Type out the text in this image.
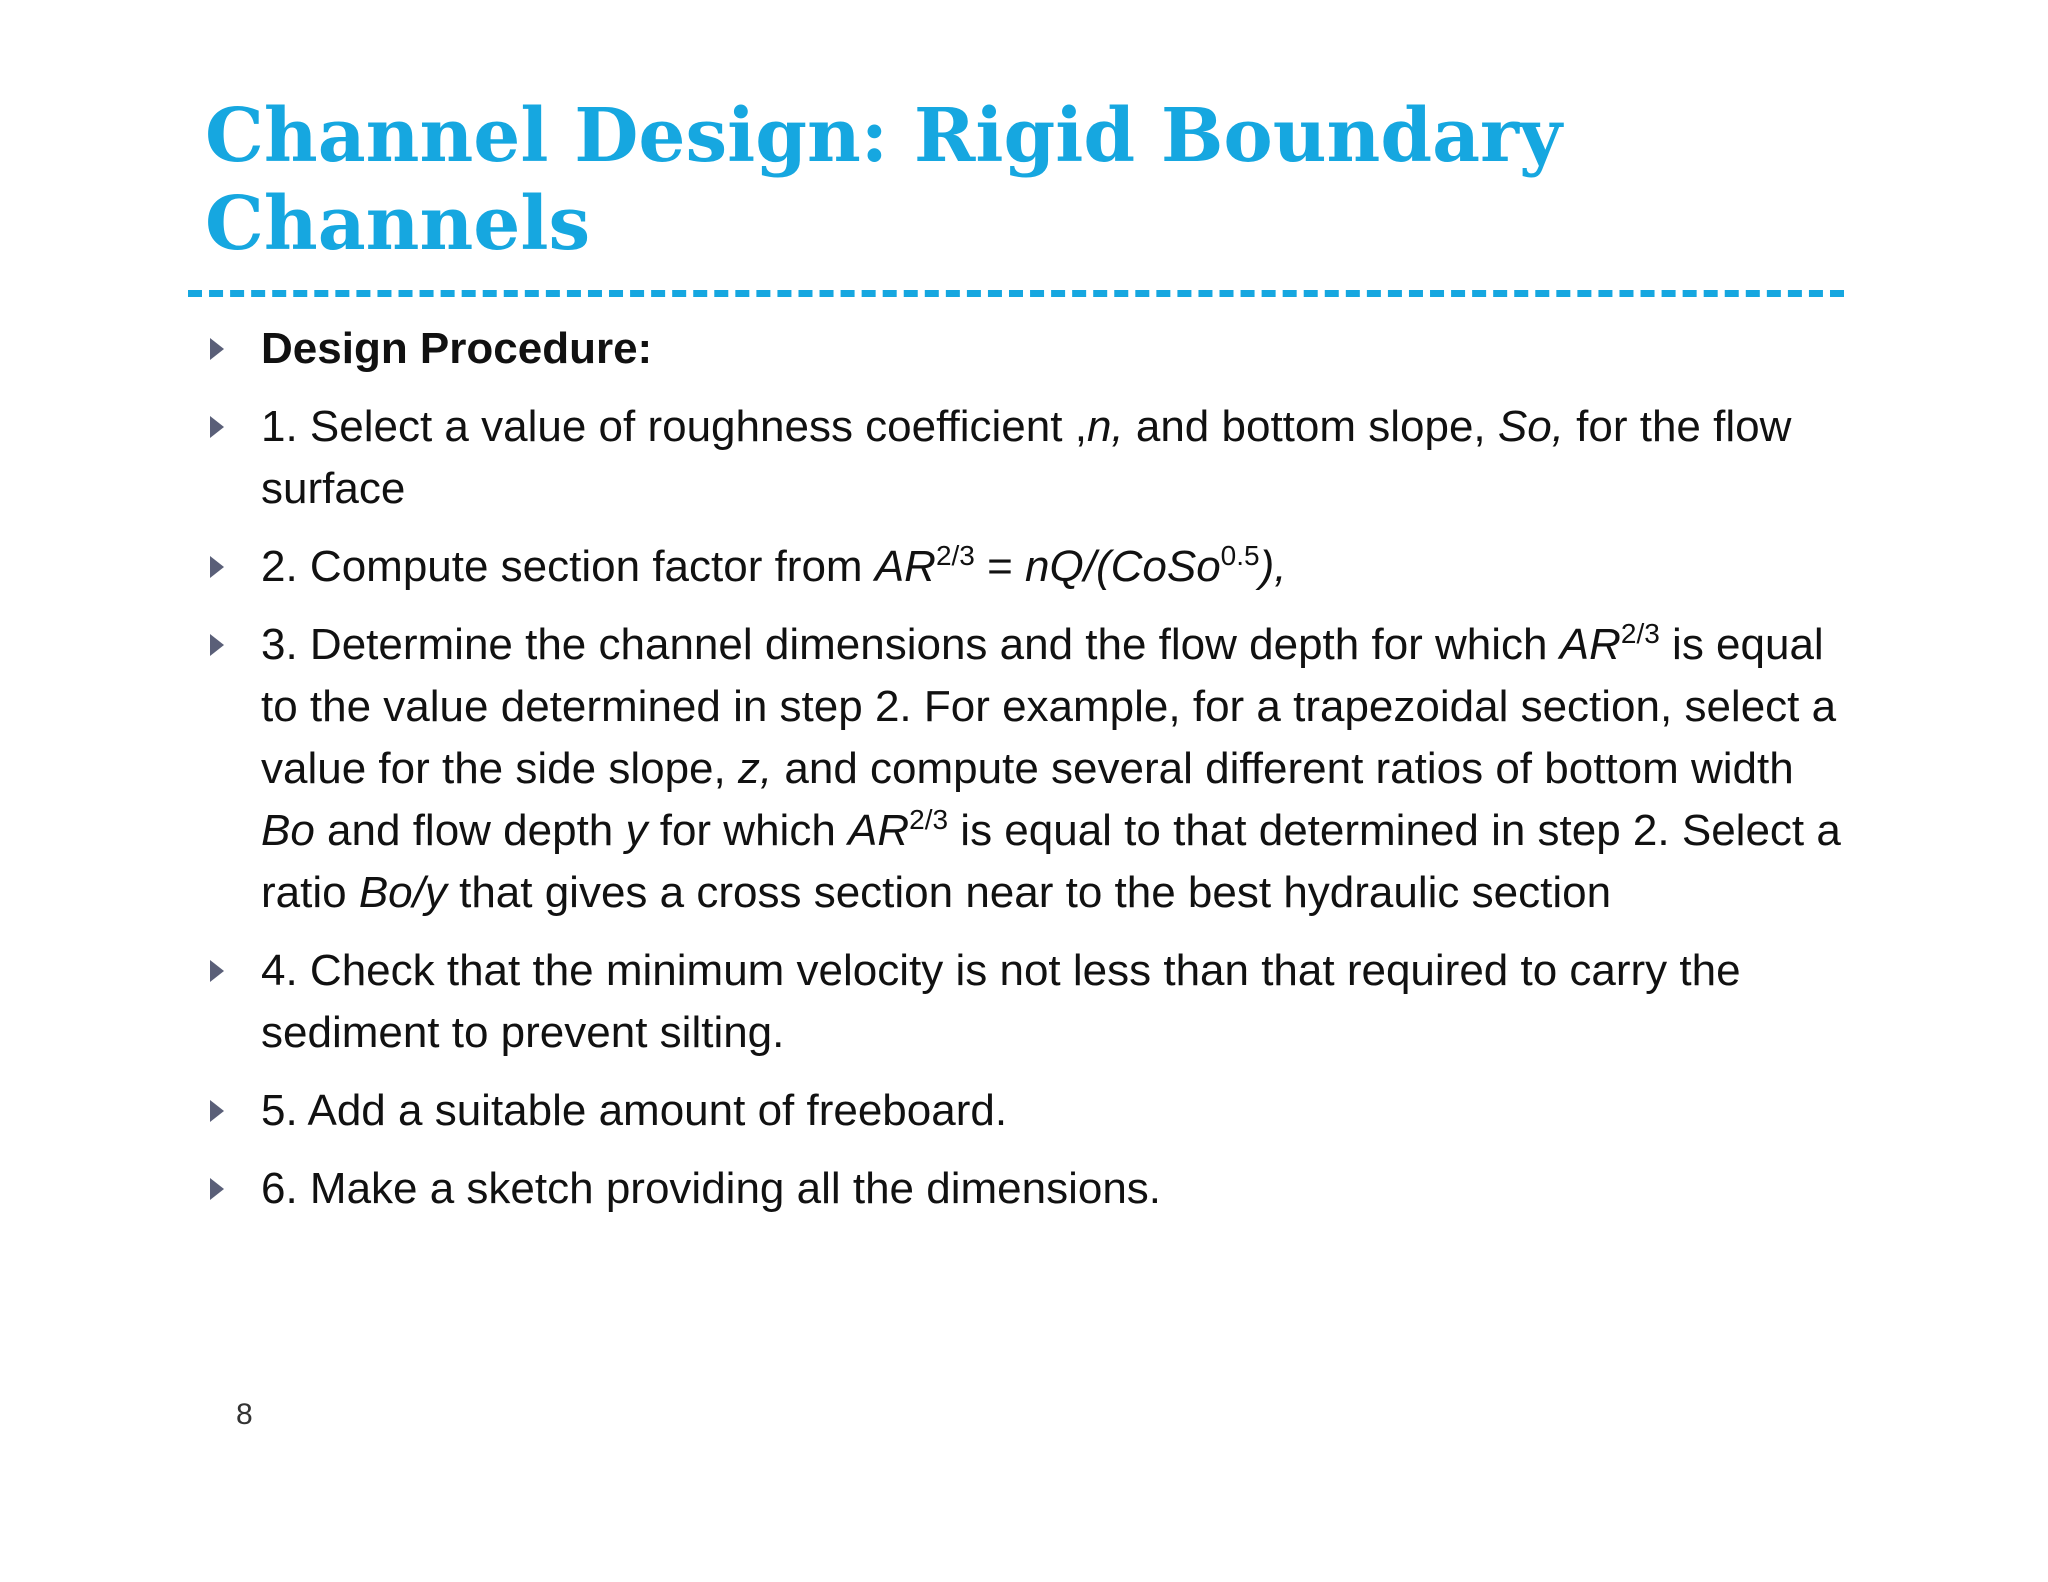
Channel Design: Rigid Boundary
Channels
Design Procedure:
1. Select a value of roughness coefficient ,n, and bottom slope, So, for the flow surface
2. Compute section factor from $AR^{2/3}$ = nQ/(CoSo$^{0.5}$),
3. Determine the channel dimensions and the flow depth for which $AR^{2/3}$ is equal to the value determined in step 2. For example, for a trapezoidal section, select a value for the side slope, z, and compute several different ratios of bottom width Bo and flow depth y for which $AR^{2/3}$ is equal to that determined in step 2. Select a ratio Bo/y that gives a cross section near to the best hydraulic section
4. Check that the minimum velocity is not less than that required to carry the sediment to prevent silting.
5. Add a suitable amount of freeboard.
6. Make a sketch providing all the dimensions.
8
